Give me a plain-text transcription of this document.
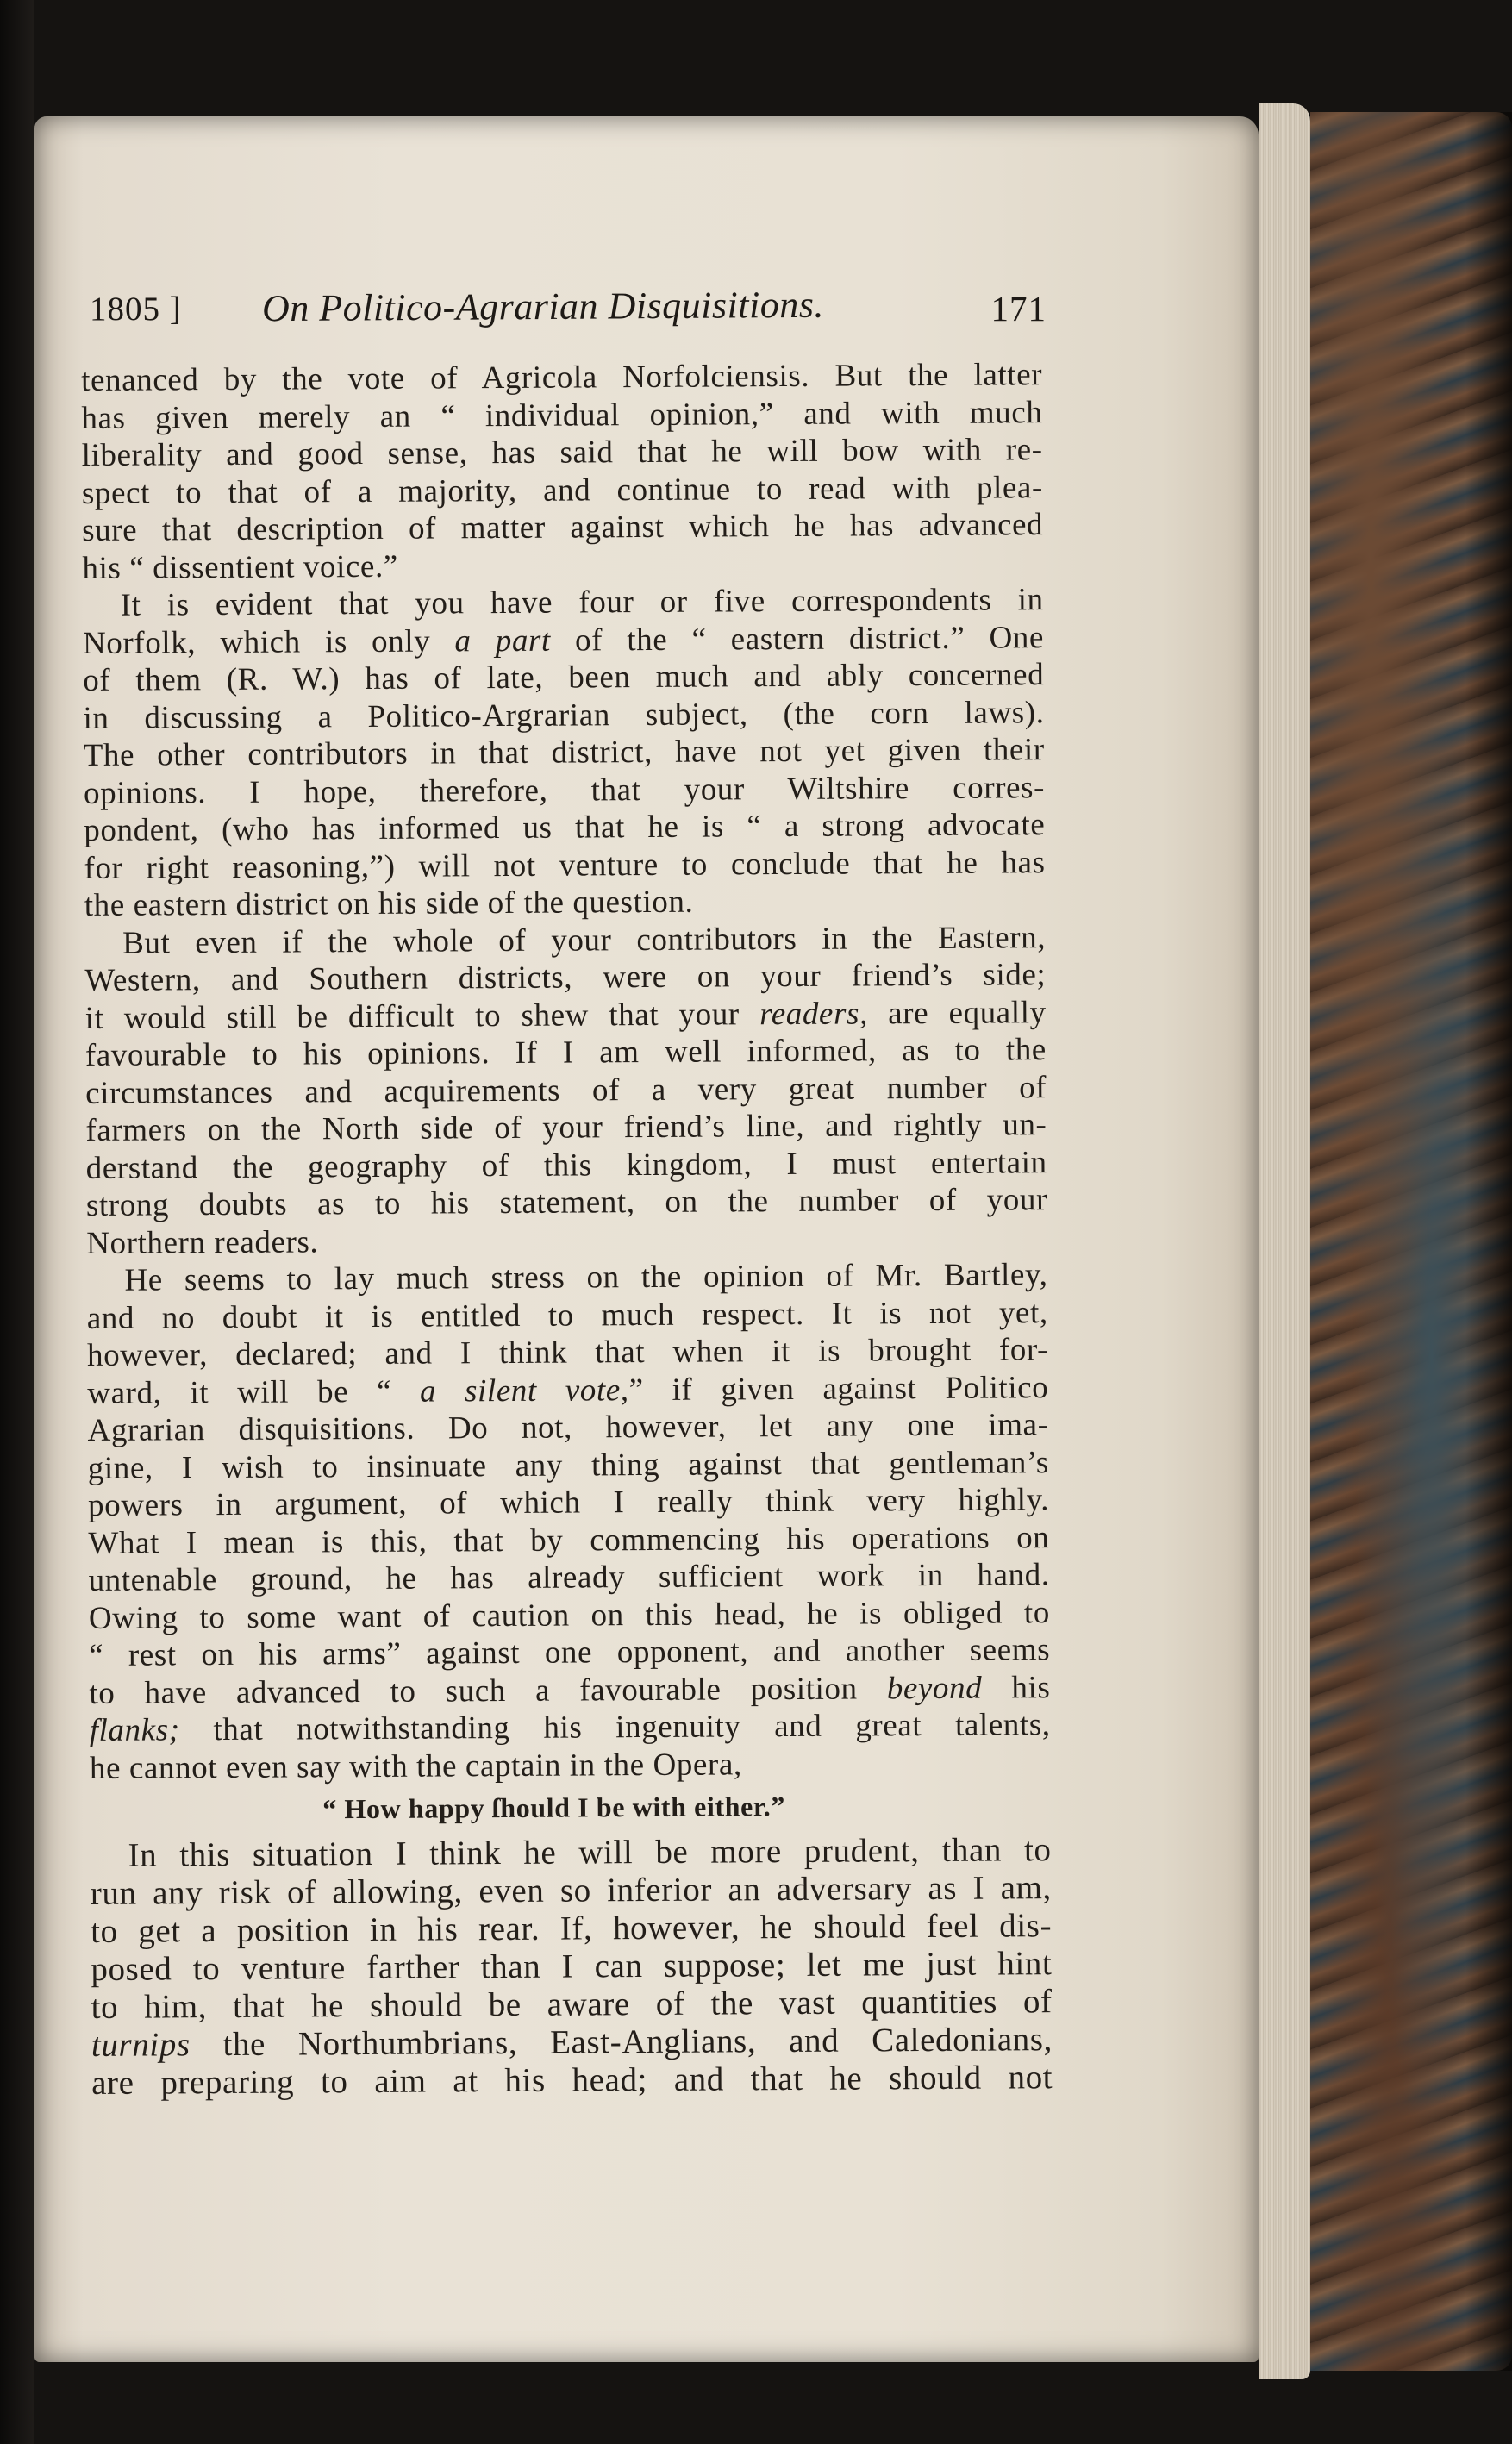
1805 ] On Politico-Agrarian Disquisitions.	171
tenanced by the vote of Agricola Norfolciensis. But the latter
has given merely an “ individual opinion,” and with much
liberality and good sense, has said that he will bow with re-
spect to that of a majority, and continue to read with plea-
sure that description of matter against which he has advanced
his “ dissentient voice.”
It is evident that you have four or five correspondents in
Norfolk, which is only a part of the “ eastern district.” One
of them (R. W.) has of late, been much and ably concerned
in discussing a Politico-Argrarian subject, (the corn laws).
The other contributors in that district, have not yet given their
opinions. I hope, therefore, that your Wiltshire corres-
pondent, (who has informed us that he is “ a strong advocate
for right reasoning,”) will not venture to conclude that he has
the eastern district on his side of the question.
But even if the whole of your contributors in the Eastern,
Western, and Southern districts, were on your friend’s side;
it would still be difficult to shew that your readers, are equally
favourable to his opinions. If I am well informed, as to the
circumstances and acquirements of a very great number of
farmers on the North side of your friend’s line, and rightly un-
derstand the geography of this kingdom, I must entertain
strong doubts as to his statement, on the number of your
Northern readers.
He seems to lay much stress on the opinion of Mr. Bartley,
and no doubt it is entitled to much respect. It is not yet,
however, declared; and I think that when it is brought for-
ward, it will be “ a silent vote,” if given against Politico
Agrarian disquisitions. Do not, however, let any one ima-
gine, I wish to insinuate any thing against that gentleman’s
powers in argument, of which I really think very highly.
What I mean is this, that by commencing his operations on
untenable ground, he has already sufficient work in hand.
Owing to some want of caution on this head, he is obliged to
“ rest on his arms” against one opponent, and another seems
to have advanced to such a favourable position beyond his
flanks; that notwithstanding his ingenuity and great talents,
he cannot even say with the captain in the Opera,
“ How happy ſhould I be with either.”
In this situation I think he will be more prudent, than to
run any risk of allowing, even so inferior an adversary as I am,
to get a position in his rear. If, however, he should feel dis-
posed to venture farther than I can suppose; let me just hint
to him, that he should be aware of the vast quantities of
turnips the Northumbrians, East-Anglians, and Caledonians,
are preparing to aim at his head; and that he should not
